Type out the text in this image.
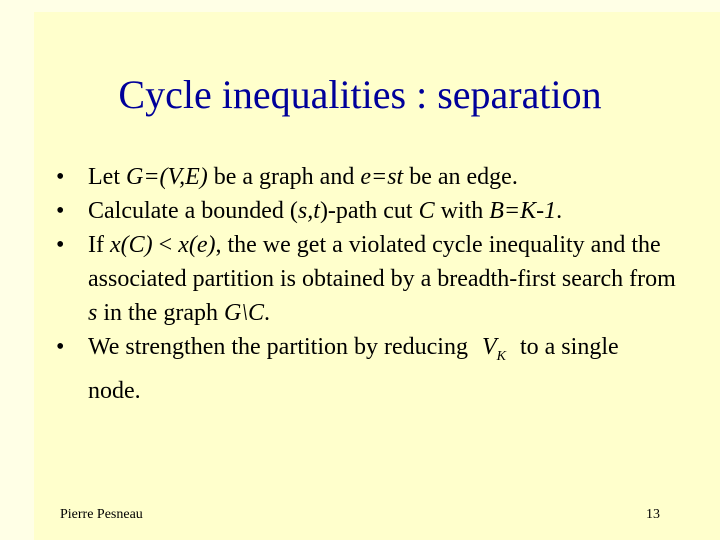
Cycle inequalities : separation

• Let G=(V,E) be a graph and e=st be an edge.

• Calculate a bounded (s,t)-path cut C with B=K-1.

• If x(C) < x(e), the we get a violated cycle inequality and the associated partition is obtained by a breadth-first search from s in the graph G\C.

• We strengthen the partition by reducing $V_K$ to a single node.

Pierre Pesneau	13
